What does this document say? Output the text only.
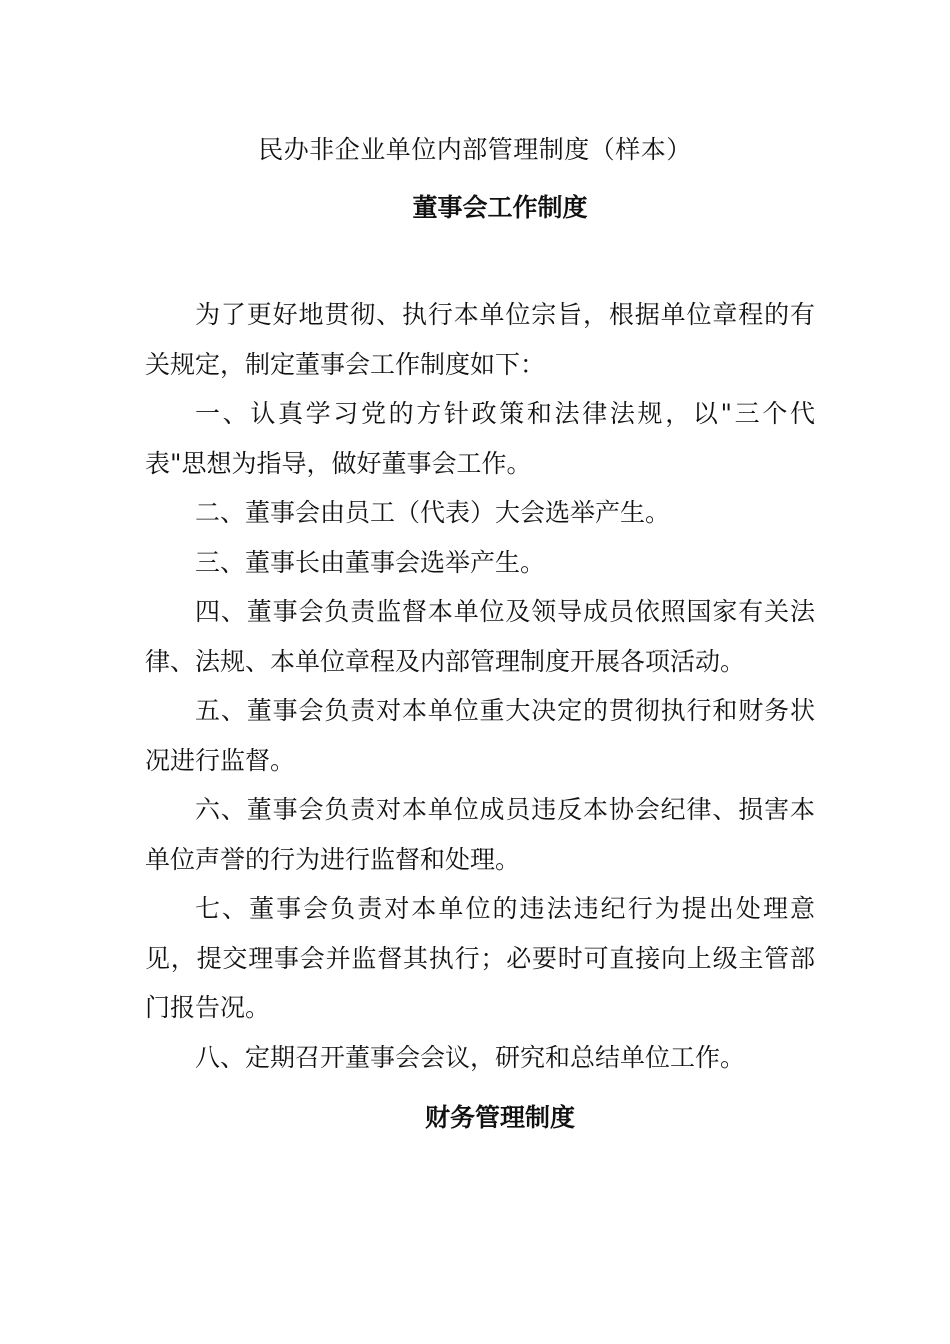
民办非企业单位内部管理制度（样本）
董事会工作制度

为了更好地贯彻、执行本单位宗旨，根据单位章程的有关规定，制定董事会工作制度如下：

一、认真学习党的方针政策和法律法规，以"三个代表"思想为指导，做好董事会工作。

二、董事会由员工（代表）大会选举产生。

三、董事长由董事会选举产生。

四、董事会负责监督本单位及领导成员依照国家有关法律、法规、本单位章程及内部管理制度开展各项活动。

五、董事会负责对本单位重大决定的贯彻执行和财务状况进行监督。

六、董事会负责对本单位成员违反本协会纪律、损害本单位声誉的行为进行监督和处理。

七、董事会负责对本单位的违法违纪行为提出处理意见，提交理事会并监督其执行；必要时可直接向上级主管部门报告况。

八、定期召开董事会会议，研究和总结单位工作。

财务管理制度
